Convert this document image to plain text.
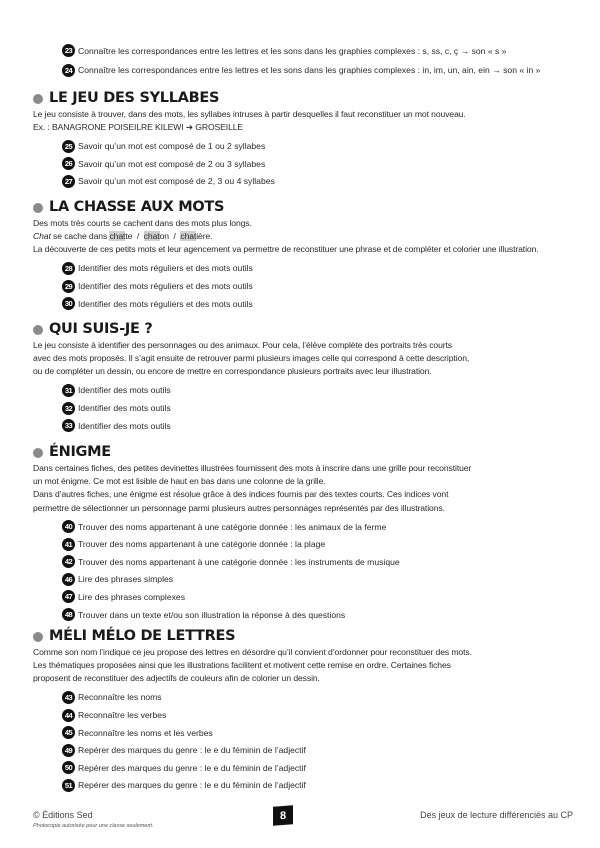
23 Connaître les correspondances entre les lettres et les sons dans les graphies complexes : s, ss, c, ç → son « s »
24 Connaître les correspondances entre les lettres et les sons dans les graphies complexes : in, im, un, ain, ein → son « in »
LE JEU DES SYLLABES
Le jeu consiste à trouver, dans des mots, les syllabes intruses à partir desquelles il faut reconstituer un mot nouveau.
Ex. : BANAGRONE POISEILRE KILEWI ➔ GROSEILLE
25 Savoir qu’un mot est composé de 1 ou 2 syllabes
26 Savoir qu’un mot est composé de 2 ou 3 syllabes
27 Savoir qu’un mot est composé de 2, 3 ou 4 syllabes
LA CHASSE AUX MOTS
Des mots très courts se cachent dans des mots plus longs.
Chat se cache dans chatte  /  chaton  /  chatière.
La découverte de ces petits mots et leur agencement va permettre de reconstituer une phrase et de compléter et colorier une illustration.
28 Identifier des mots réguliers et des mots outils
29 Identifier des mots réguliers et des mots outils
30 Identifier des mots réguliers et des mots outils
QUI SUIS-JE ?
Le jeu consiste à identifier des personnages ou des animaux. Pour cela, l’élève complète des portraits très courts
avec des mots proposés. Il s’agit ensuite de retrouver parmi plusieurs images celle qui correspond à cette description,
ou de compléter un dessin, ou encore de mettre en correspondance plusieurs portraits avec leur illustration.
31 Identifier des mots outils
32 Identifier des mots outils
33 Identifier des mots outils
ÉNIGME
Dans certaines fiches, des petites devinettes illustrées fournissent des mots à inscrire dans une grille pour reconstituer
un mot énigme. Ce mot est lisible de haut en bas dans une colonne de la grille.
Dans d’autres fiches, une énigme est résolue grâce à des indices fournis par des textes courts. Ces indices vont
permettre de sélectionner un personnage parmi plusieurs autres personnages représentés par des illustrations.
40 Trouver des noms appartenant à une catégorie donnée : les animaux de la ferme
41 Trouver des noms appartenant à une catégorie donnée : la plage
42 Trouver des noms appartenant à une catégorie donnée : les instruments de musique
46 Lire des phrases simples
47 Lire des phrases complexes
48 Trouver dans un texte et/ou son illustration la réponse à des questions
MÉLI MÉLO DE LETTRES
Comme son nom l’indique ce jeu propose des lettres en désordre qu’il convient d’ordonner pour reconstituer des mots.
Les thématiques proposées ainsi que les illustrations facilitent et motivent cette remise en ordre. Certaines fiches
proposent de reconstituer des adjectifs de couleurs afin de colorier un dessin.
43 Reconnaître les noms
44 Reconnaître les verbes
45 Reconnaître les noms et les verbes
49 Repérer des marques du genre : le e du féminin de l’adjectif
50 Repérer des marques du genre : le e du féminin de l’adjectif
51 Repérer des marques du genre : le e du féminin de l’adjectif
© Éditions Sed
Photocopie autorisée pour une classe seulement.
8	Des jeux de lecture différenciés au CP
